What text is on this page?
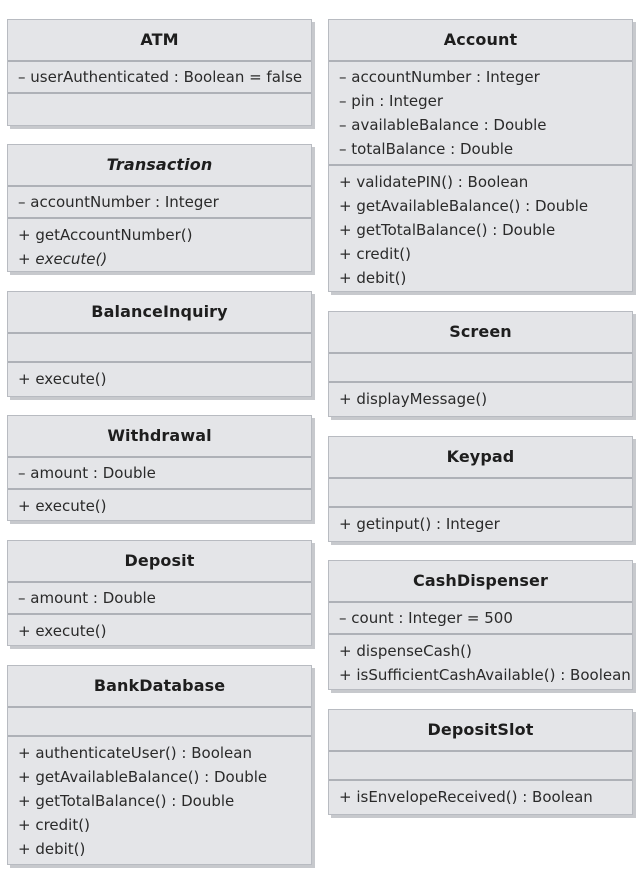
ATM
– userAuthenticated : Boolean = false
Transaction
– accountNumber : Integer
+ getAccountNumber()
+ execute()
BalanceInquiry
+ execute()
Withdrawal
– amount : Double
+ execute()
Deposit
– amount : Double
+ execute()
BankDatabase
+ authenticateUser() : Boolean
+ getAvailableBalance() : Double
+ getTotalBalance() : Double
+ credit()
+ debit()
Account
– accountNumber : Integer
– pin : Integer
– availableBalance : Double
– totalBalance : Double
+ validatePIN() : Boolean
+ getAvailableBalance() : Double
+ getTotalBalance() : Double
+ credit()
+ debit()
Screen
+ displayMessage()
Keypad
+ getinput() : Integer
CashDispenser
– count : Integer = 500
+ dispenseCash()
+ isSufficientCashAvailable() : Boolean
DepositSlot
+ isEnvelopeReceived() : Boolean
